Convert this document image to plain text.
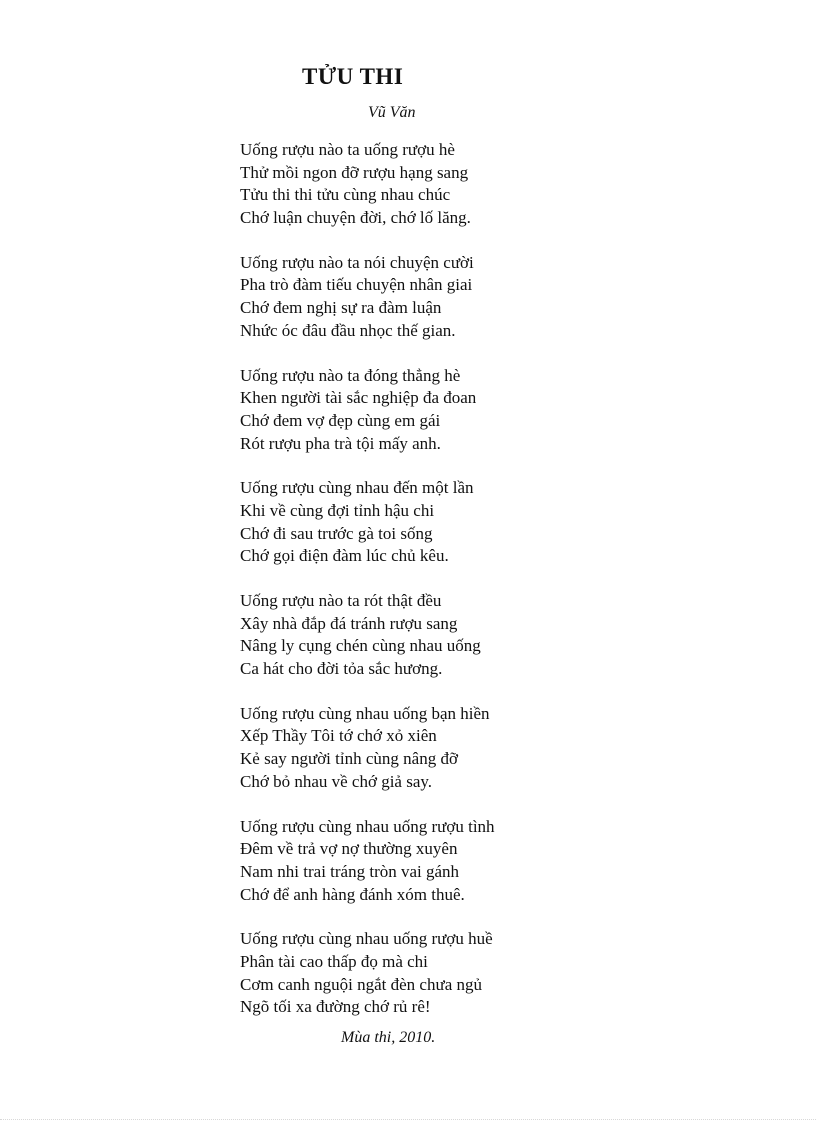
TỬU THI
Vũ Văn
Uống rượu nào ta uống rượu hè
Thử mồi ngon đỡ rượu hạng sang
Tửu thi thi tửu cùng nhau chúc
Chớ luận chuyện đời, chớ lố lăng.
Uống rượu nào ta nói chuyện cười
Pha trò đàm tiếu chuyện nhân giai
Chớ đem nghị sự ra đàm luận
Nhức óc đâu đầu nhọc thế gian.
Uống rượu nào ta đóng thẳng hè
Khen người tài sắc nghiệp đa đoan
Chớ đem vợ đẹp cùng em gái
Rót rượu pha trà tội mấy anh.
Uống rượu cùng nhau đến một lần
Khi về cùng đợi tỉnh hậu chi
Chớ đi sau trước gà toi sống
Chớ gọi điện đàm lúc chủ kêu.
Uống rượu nào ta rót thật đều
Xây nhà đắp đá tránh rượu sang
Nâng ly cụng chén cùng nhau uống
Ca hát cho đời tỏa sắc hương.
Uống rượu cùng nhau uống bạn hiền
Xếp Thầy Tôi tớ chớ xỏ xiên
Kẻ say người tỉnh cùng nâng đỡ
Chớ bỏ nhau về chớ giả say.
Uống rượu cùng nhau uống rượu tình
Đêm về trả vợ nợ thường xuyên
Nam nhi trai tráng tròn vai gánh
Chớ để anh hàng đánh xóm thuê.
Uống rượu cùng nhau uống rượu huề
Phân tài cao thấp đọ mà chi
Cơm canh nguội ngắt đèn chưa ngủ
Ngõ tối xa đường chớ rủ rê!
Mùa thi, 2010.
